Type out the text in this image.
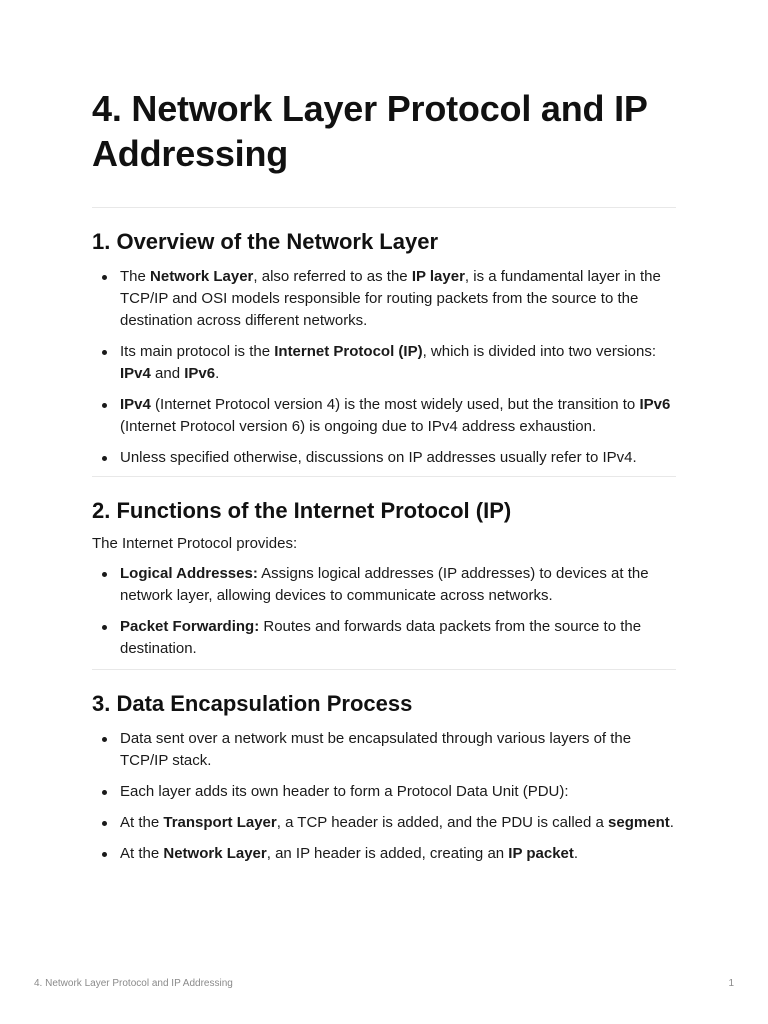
4. Network Layer Protocol and IP Addressing
1. Overview of the Network Layer
The Network Layer, also referred to as the IP layer, is a fundamental layer in the TCP/IP and OSI models responsible for routing packets from the source to the destination across different networks.
Its main protocol is the Internet Protocol (IP), which is divided into two versions: IPv4 and IPv6.
IPv4 (Internet Protocol version 4) is the most widely used, but the transition to IPv6 (Internet Protocol version 6) is ongoing due to IPv4 address exhaustion.
Unless specified otherwise, discussions on IP addresses usually refer to IPv4.
2. Functions of the Internet Protocol (IP)

The Internet Protocol provides:

Logical Addresses: Assigns logical addresses (IP addresses) to devices at the network layer, allowing devices to communicate across networks.
Packet Forwarding: Routes and forwards data packets from the source to the destination.
3. Data Encapsulation Process
Data sent over a network must be encapsulated through various layers of the TCP/IP stack.
Each layer adds its own header to form a Protocol Data Unit (PDU):
At the Transport Layer, a TCP header is added, and the PDU is called a segment.
At the Network Layer, an IP header is added, creating an IP packet.
4. Network Layer Protocol and IP Addressing	1
